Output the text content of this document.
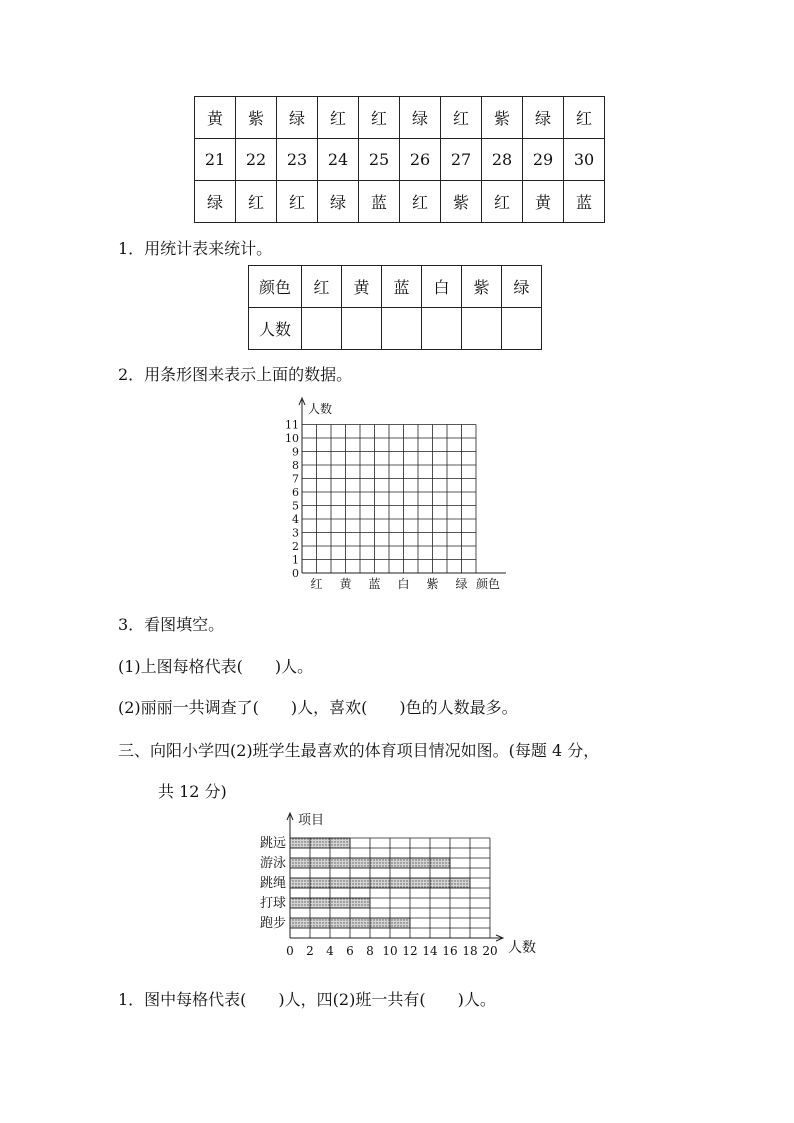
黄	紫	绿	红	红	绿	红	紫	绿	红
21	22	23	24	25	26	27	28	29	30
绿	红	红	绿	蓝	红	紫	红	黄	蓝
1．用统计表来统计。
颜色	红	黄	蓝	白	紫	绿
人数						
2．用条形图来表示上面的数据。
0
1
2
3
4
5
6
7
8
9
10
11
人数
红 黄 蓝 白 紫 绿 颜色
3．看图填空。
(1)上图每格代表(　　)人。
(2)丽丽一共调查了(　　)人，喜欢(　　)色的人数最多。
三、向阳小学四(2)班学生最喜欢的体育项目情况如图。(每题 4 分，
共 12 分)
跳远
游泳
跳绳
打球
跑步
项目
0 2 4 6 8 10 12 14 16 18 20 人数
1．图中每格代表(　　)人，四(2)班一共有(　　)人。
